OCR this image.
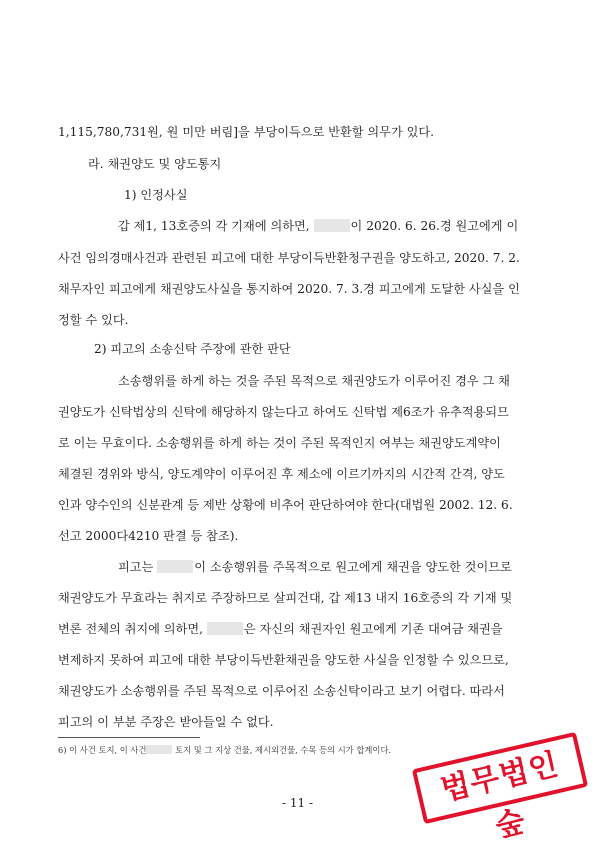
1,115,780,731원, 원 미만 버림]을 부당이득으로 반환할 의무가 있다.
라. 채권양도 및 양도통지
1) 인정사실
갑 제1, 13호증의 각 기재에 의하면,	이 2020. 6. 26.경 원고에게 이
사건 임의경매사건과 관련된 피고에 대한 부당이득반환청구권을 양도하고, 2020. 7. 2.
채무자인 피고에게 채권양도사실을 통지하여 2020. 7. 3.경 피고에게 도달한 사실을 인
정할 수 있다.
2) 피고의 소송신탁 주장에 관한 판단
소송행위를 하게 하는 것을 주된 목적으로 채권양도가 이루어진 경우 그 채
권양도가 신탁법상의 신탁에 해당하지 않는다고 하여도 신탁법 제6조가 유추적용되므
로 이는 무효이다. 소송행위를 하게 하는 것이 주된 목적인지 여부는 채권양도계약이
체결된 경위와 방식, 양도계약이 이루어진 후 제소에 이르기까지의 시간적 간격, 양도
인과 양수인의 신분관계 등 제반 상황에 비추어 판단하여야 한다(대법원 2002. 12. 6.
선고 2000다4210 판결 등 참조).
피고는	이 소송행위를 주목적으로 원고에게 채권을 양도한 것이므로
채권양도가 무효라는 취지로 주장하므로 살피건대, 갑 제13 내지 16호증의 각 기재 및
변론 전체의 취지에 의하면,	은 자신의 채권자인 원고에게 기존 대여금 채권을
변제하지 못하여 피고에 대한 부당이득반환채권을 양도한 사실을 인정할 수 있으므로,
채권양도가 소송행위를 주된 목적으로 이루어진 소송신탁이라고 보기 어렵다. 따라서
피고의 이 부분 주장은 받아들일 수 없다.
6) 이 사건 토지, 이 사건	토지 및 그 지상 건물, 제시외건물, 수목 등의 시가 합계이다.
- 11 -	법무법인 숲
